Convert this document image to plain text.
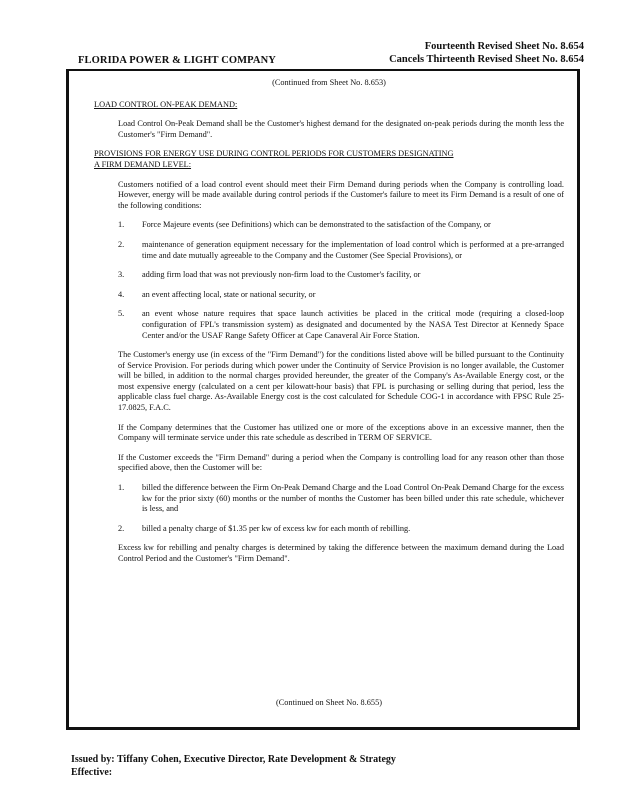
FLORIDA POWER & LIGHT COMPANY
Fourteenth Revised Sheet No. 8.654
Cancels Thirteenth Revised Sheet No. 8.654
(Continued from Sheet No. 8.653)
LOAD CONTROL ON-PEAK DEMAND:
Load Control On-Peak Demand shall be the Customer's highest demand for the designated on-peak periods during the month less the Customer's "Firm Demand".
PROVISIONS FOR ENERGY USE DURING CONTROL PERIODS FOR CUSTOMERS DESIGNATING
A FIRM DEMAND LEVEL:
Customers notified of a load control event should meet their Firm Demand during periods when the Company is controlling load. However, energy will be made available during control periods if the Customer's failure to meet its Firm Demand is a result of one of the following conditions:
1.	Force Majeure events (see Definitions) which can be demonstrated to the satisfaction of the Company, or
2.	maintenance of generation equipment necessary for the implementation of load control which is performed at a pre-arranged time and date mutually agreeable to the Company and the Customer (See Special Provisions), or
3.	adding firm load that was not previously non-firm load to the Customer's facility, or
4.	an event affecting local, state or national security, or
5.	an event whose nature requires that space launch activities be placed in the critical mode (requiring a closed-loop configuration of FPL's transmission system) as designated and documented by the NASA Test Director at Kennedy Space Center and/or the USAF Range Safety Officer at Cape Canaveral Air Force Station.
The Customer's energy use (in excess of the "Firm Demand") for the conditions listed above will be billed pursuant to the Continuity of Service Provision. For periods during which power under the Continuity of Service Provision is no longer available, the Customer will be billed, in addition to the normal charges provided hereunder, the greater of the Company's As-Available Energy cost, or the most expensive energy (calculated on a cent per kilowatt-hour basis) that FPL is purchasing or selling during that period, less the applicable class fuel charge. As-Available Energy cost is the cost calculated for Schedule COG-1 in accordance with FPSC Rule 25-17.0825, F.A.C.
If the Company determines that the Customer has utilized one or more of the exceptions above in an excessive manner, then the Company will terminate service under this rate schedule as described in TERM OF SERVICE.
If the Customer exceeds the "Firm Demand" during a period when the Company is controlling load for any reason other than those specified above, then the Customer will be:
1.	billed the difference between the Firm On-Peak Demand Charge and the Load Control On-Peak Demand Charge for the excess kw for the prior sixty (60) months or the number of months the Customer has been billed under this rate schedule, whichever is less, and
2.	billed a penalty charge of $1.35 per kw of excess kw for each month of rebilling.
Excess kw for rebilling and penalty charges is determined by taking the difference between the maximum demand during the Load Control Period and the Customer's "Firm Demand".
(Continued on Sheet No. 8.655)
Issued by: Tiffany Cohen, Executive Director, Rate Development & Strategy
Effective:
